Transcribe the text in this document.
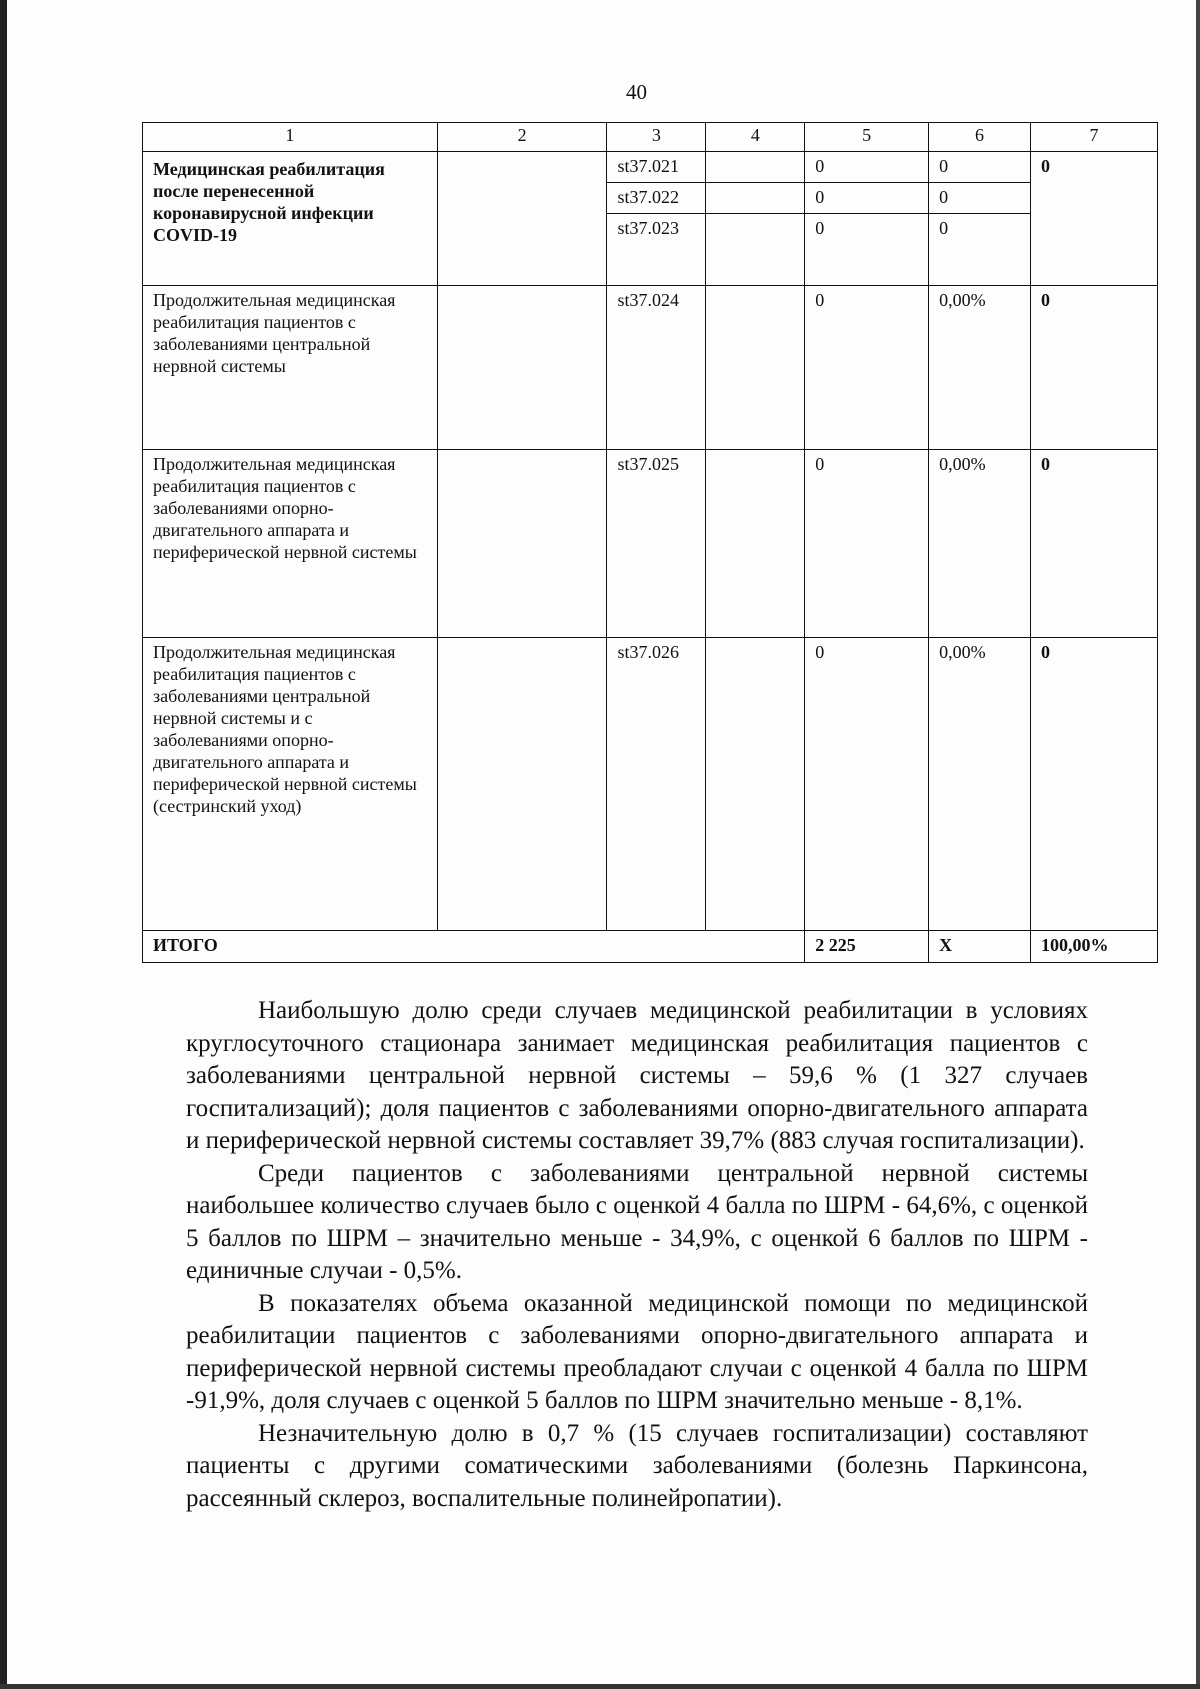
40
1	2	3	4	5	6	7
Медицинская реабилитация после перенесенной коронавирусной инфекции COVID-19		st37.021		0	0	0
		st37.022		0	0	
		st37.023		0	0	
Продолжительная медицинская реабилитация пациентов с заболеваниями центральной нервной системы		st37.024		0	0,00%	0
Продолжительная медицинская реабилитация пациентов с заболеваниями опорно-двигательного аппарата и периферической нервной системы		st37.025		0	0,00%	0
Продолжительная медицинская реабилитация пациентов с заболеваниями центральной нервной системы и с заболеваниями опорно-двигательного аппарата и периферической нервной системы (сестринский уход)		st37.026		0	0,00%	0
ИТОГО				2 225	Х	100,00%

Наибольшую долю среди случаев медицинской реабилитации в условиях круглосуточного стационара занимает медицинская реабилитация пациентов с заболеваниями центральной нервной системы – 59,6 % (1 327 случаев госпитализаций); доля пациентов с заболеваниями опорно-двигательного аппарата и периферической нервной системы составляет 39,7% (883 случая госпитализации).

Среди пациентов с заболеваниями центральной нервной системы наибольшее количество случаев было с оценкой 4 балла по ШРМ - 64,6%, с оценкой 5 баллов по ШРМ – значительно меньше - 34,9%, с оценкой 6 баллов по ШРМ - единичные случаи - 0,5%.

В показателях объема оказанной медицинской помощи по медицинской реабилитации пациентов с заболеваниями опорно-двигательного аппарата и периферической нервной системы преобладают случаи с оценкой 4 балла по ШРМ -91,9%, доля случаев с оценкой 5 баллов по ШРМ значительно меньше - 8,1%.

Незначительную долю в 0,7 % (15 случаев госпитализации) составляют пациенты с другими соматическими заболеваниями (болезнь Паркинсона, рассеянный склероз, воспалительные полинейропатии).
